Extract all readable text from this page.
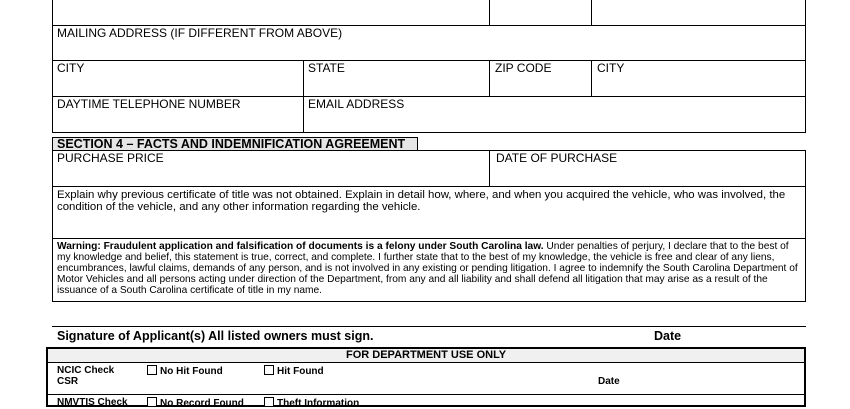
MAILING ADDRESS (IF DIFFERENT FROM ABOVE)
CITY	STATE	ZIP CODE	CITY
DAYTIME TELEPHONE NUMBER	EMAIL ADDRESS
SECTION 4 – FACTS AND INDEMNIFICATION AGREEMENT
PURCHASE PRICE	DATE OF PURCHASE
Explain why previous certificate of title was not obtained. Explain in detail how, where, and when you acquired the vehicle, who was involved, the condition of the vehicle, and any other information regarding the vehicle.
Warning: Fraudulent application and falsification of documents is a felony under South Carolina law. Under penalties of perjury, I declare that to the best of my knowledge and belief, this statement is true, correct, and complete. I further state that to the best of my knowledge, the vehicle is free and clear of any liens, encumbrances, lawful claims, demands of any person, and is not involved in any existing or pending litigation. I agree to indemnify the South Carolina Department of Motor Vehicles and all persons acting under direction of the Department, from any and all liability and shall defend all litigation that may arise as a result of the issuance of a South Carolina certificate of title in my name.
Signature of Applicant(s) All listed owners must sign.	Date
FOR DEPARTMENT USE ONLY
NCIC Check	No Hit Found	Hit Found
CSR	Date
NMVTIS Check	No Record Found	Theft Information
